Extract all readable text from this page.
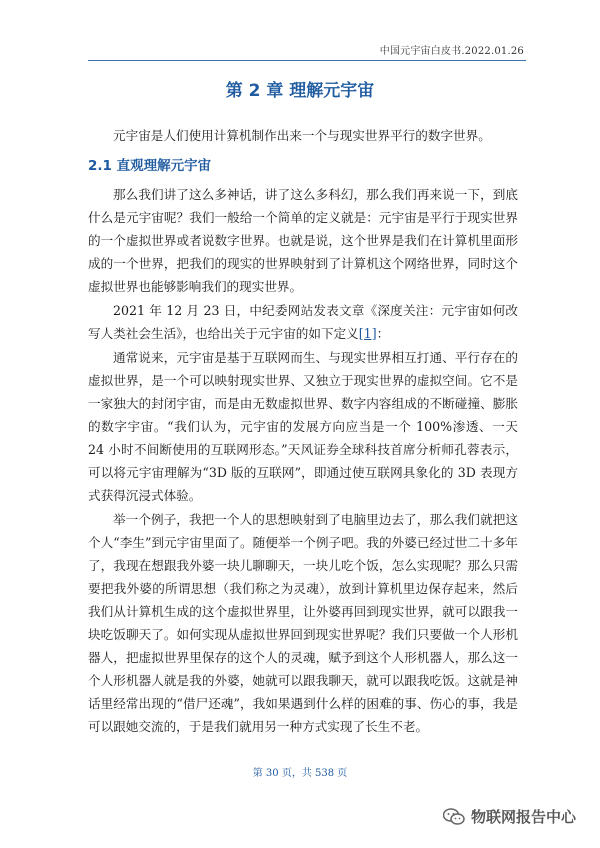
中国元宇宙白皮书.2022.01.26
第 2 章 理解元宇宙

元宇宙是人们使用计算机制作出来一个与现实世界平行的数字世界。

2.1 直观理解元宇宙

那么我们讲了这么多神话，讲了这么多科幻，那么我们再来说一下，到底什么是元宇宙呢？我们一般给一个简单的定义就是：元宇宙是平行于现实世界的一个虚拟世界或者说数字世界。也就是说，这个世界是我们在计算机里面形成的一个世界，把我们的现实的世界映射到了计算机这个网络世界，同时这个虚拟世界也能够影响我们的现实世界。

2021 年 12 月 23 日，中纪委网站发表文章《深度关注：元宇宙如何改写人类社会生活》，也给出关于元宇宙的如下定义[1]：

通常说来，元宇宙是基于互联网而生、与现实世界相互打通、平行存在的虚拟世界，是一个可以映射现实世界、又独立于现实世界的虚拟空间。它不是一家独大的封闭宇宙，而是由无数虚拟世界、数字内容组成的不断碰撞、膨胀的数字宇宙。“我们认为，元宇宙的发展方向应当是一个 100%渗透、一天 24 小时不间断使用的互联网形态。”天风证券全球科技首席分析师孔蓉表示，可以将元宇宙理解为“3D 版的互联网”，即通过使互联网具象化的 3D 表现方式获得沉浸式体验。

举一个例子，我把一个人的思想映射到了电脑里边去了，那么我们就把这个人“李生”到元宇宙里面了。随便举一个例子吧。我的外婆已经过世二十多年了，我现在想跟我外婆一块儿聊聊天，一块儿吃个饭，怎么实现呢？那么只需要把我外婆的所谓思想（我们称之为灵魂），放到计算机里边保存起来，然后我们从计算机生成的这个虚拟世界里，让外婆再回到现实世界，就可以跟我一块吃饭聊天了。如何实现从虚拟世界回到现实世界呢？我们只要做一个人形机器人，把虚拟世界里保存的这个人的灵魂，赋予到这个人形机器人，那么这一个人形机器人就是我的外婆，她就可以跟我聊天，就可以跟我吃饭。这就是神话里经常出现的“借尸还魂”，我如果遇到什么样的困难的事、伤心的事，我是可以跟她交流的，于是我们就用另一种方式实现了长生不老。

第 30 页，共 538 页
物联网报告中心
